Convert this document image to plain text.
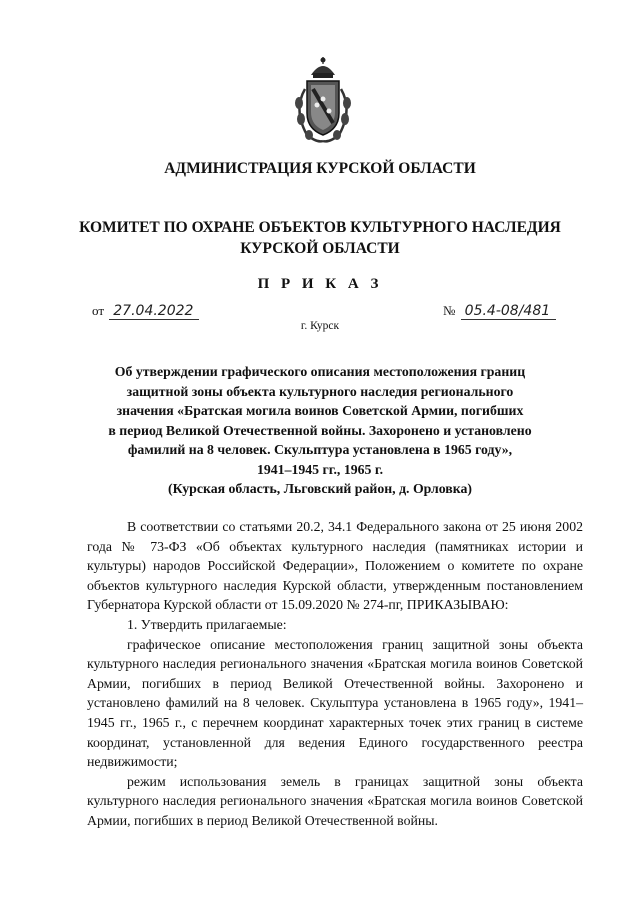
АДМИНИСТРАЦИЯ КУРСКОЙ ОБЛАСТИ
КОМИТЕТ ПО ОХРАНЕ ОБЪЕКТОВ КУЛЬТУРНОГО НАСЛЕДИЯ
КУРСКОЙ ОБЛАСТИ
П Р И К А З
от 27.04.2022	№ 05.4-08/481
г. Курск
Об утверждении графического описания местоположения границ
защитной зоны объекта культурного наследия регионального
значения «Братская могила воинов Советской Армии, погибших
в период Великой Отечественной войны. Захоронено и установлено
фамилий на 8 человек. Скульптура установлена в 1965 году»,
1941–1945 гг., 1965 г.
(Курская область, Льговский район, д. Орловка)

В соответствии со статьями 20.2, 34.1 Федерального закона от 25 июня 2002 года № 73-ФЗ «Об объектах культурного наследия (памятниках истории и культуры) народов Российской Федерации», Положением о комитете по охране объектов культурного наследия Курской области, утвержденным постановлением Губернатора Курской области от 15.09.2020 № 274-пг, ПРИКАЗЫВАЮ:

1. Утвердить прилагаемые:

графическое описание местоположения границ защитной зоны объекта культурного наследия регионального значения «Братская могила воинов Советской Армии, погибших в период Великой Отечественной войны. Захоронено и установлено фамилий на 8 человек. Скульптура установлена в 1965 году», 1941–1945 гг., 1965 г., с перечнем координат характерных точек этих границ в системе координат, установленной для ведения Единого государственного реестра недвижимости;

режим использования земель в границах защитной зоны объекта культурного наследия регионального значения «Братская могила воинов Советской Армии, погибших в период Великой Отечественной войны.
